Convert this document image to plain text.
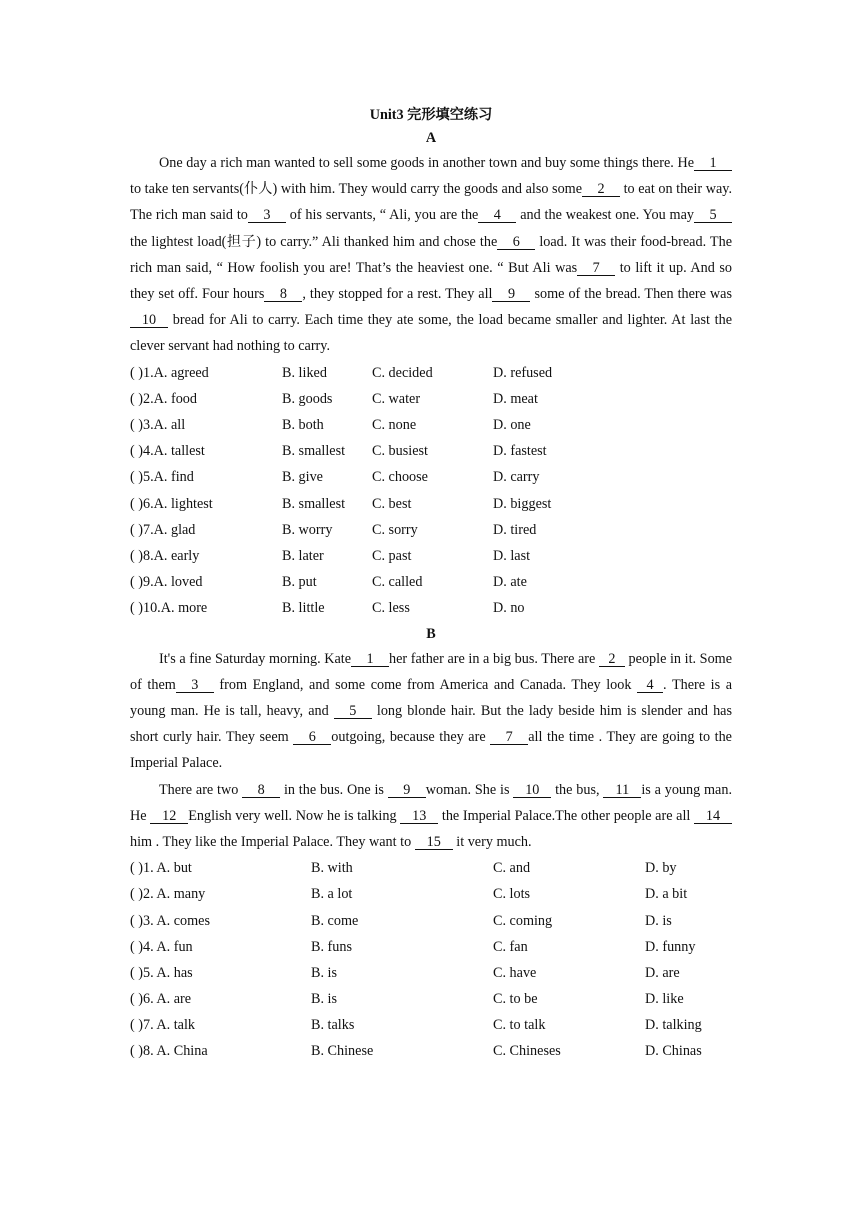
Unit3 完形填空练习
A

One day a rich man wanted to sell some goods in another town and buy some things there. He 1 to take ten servants(仆人) with him. They would carry the goods and also some 2 to eat on their way. The rich man said to 3 of his servants, “ Ali, you are the 4 and the weakest one. You may 5 the lightest load(担子) to carry.” Ali thanked him and chose the 6 load. It was their food-bread. The rich man said, “ How foolish you are! That’s the heaviest one. “ But Ali was 7 to lift it up. And so they set off. Four hours 8 , they stopped for a rest. They all 9 some of the bread. Then there was10 bread for Ali to carry. Each time they ate some, the load became smaller and lighter. At last the clever servant had nothing to carry.

( )1.A. agreed	B. liked	C. decided	D. refused
( )2.A. food	B. goods	C. water	D. meat
( )3.A. all	B. both	C. none	D. one
( )4.A. tallest	B. smallest C. busiest	D. fastest
( )5.A. find	B. give	C. choose	D. carry
( )6.A. lightest	B. smallest C. best	D. biggest
( )7.A. glad	B. worry	C. sorry	D. tired
( )8.A. early	B. later	C. past	D. last
( )9.A. loved	B. put	C. called	D. ate
( )10.A. more	B. little	C. less	D. no
B

It's a fine Saturday morning. Kate 1 her father are in a big bus. There are 2 people in it. Some of them 3 from England, and some come from America and Canada. They look 4 . There is a young man. He is tall, heavy, and 5 long blonde hair. But the lady beside him is slender and has short curly hair. They seem 6 outgoing, because they are 7 all the time . They are going to the Imperial Palace.

There are two 8 in the bus. One is 9 woman. She is 10 the bus, 11 is a young man. He 12 English very well. Now he is talking 13 the Imperial Palace.The other people are all 14him . They like the Imperial Palace. They want to 15 it very much.

( )1. A. but	B. with	C. and	D. by
( )2. A. many	B. a lot	C. lots	D. a bit
( )3. A. comes	B. come	C. coming	D. is
( )4. A. fun	B. funs	C. fan	D. funny
( )5. A. has	B. is	C. have	D. are
( )6. A. are	B. is	C. to be	D. like
( )7. A. talk	B. talks	C. to talk	D. talking
( )8. A. China	B. Chinese	C. Chineses	D. Chinas
